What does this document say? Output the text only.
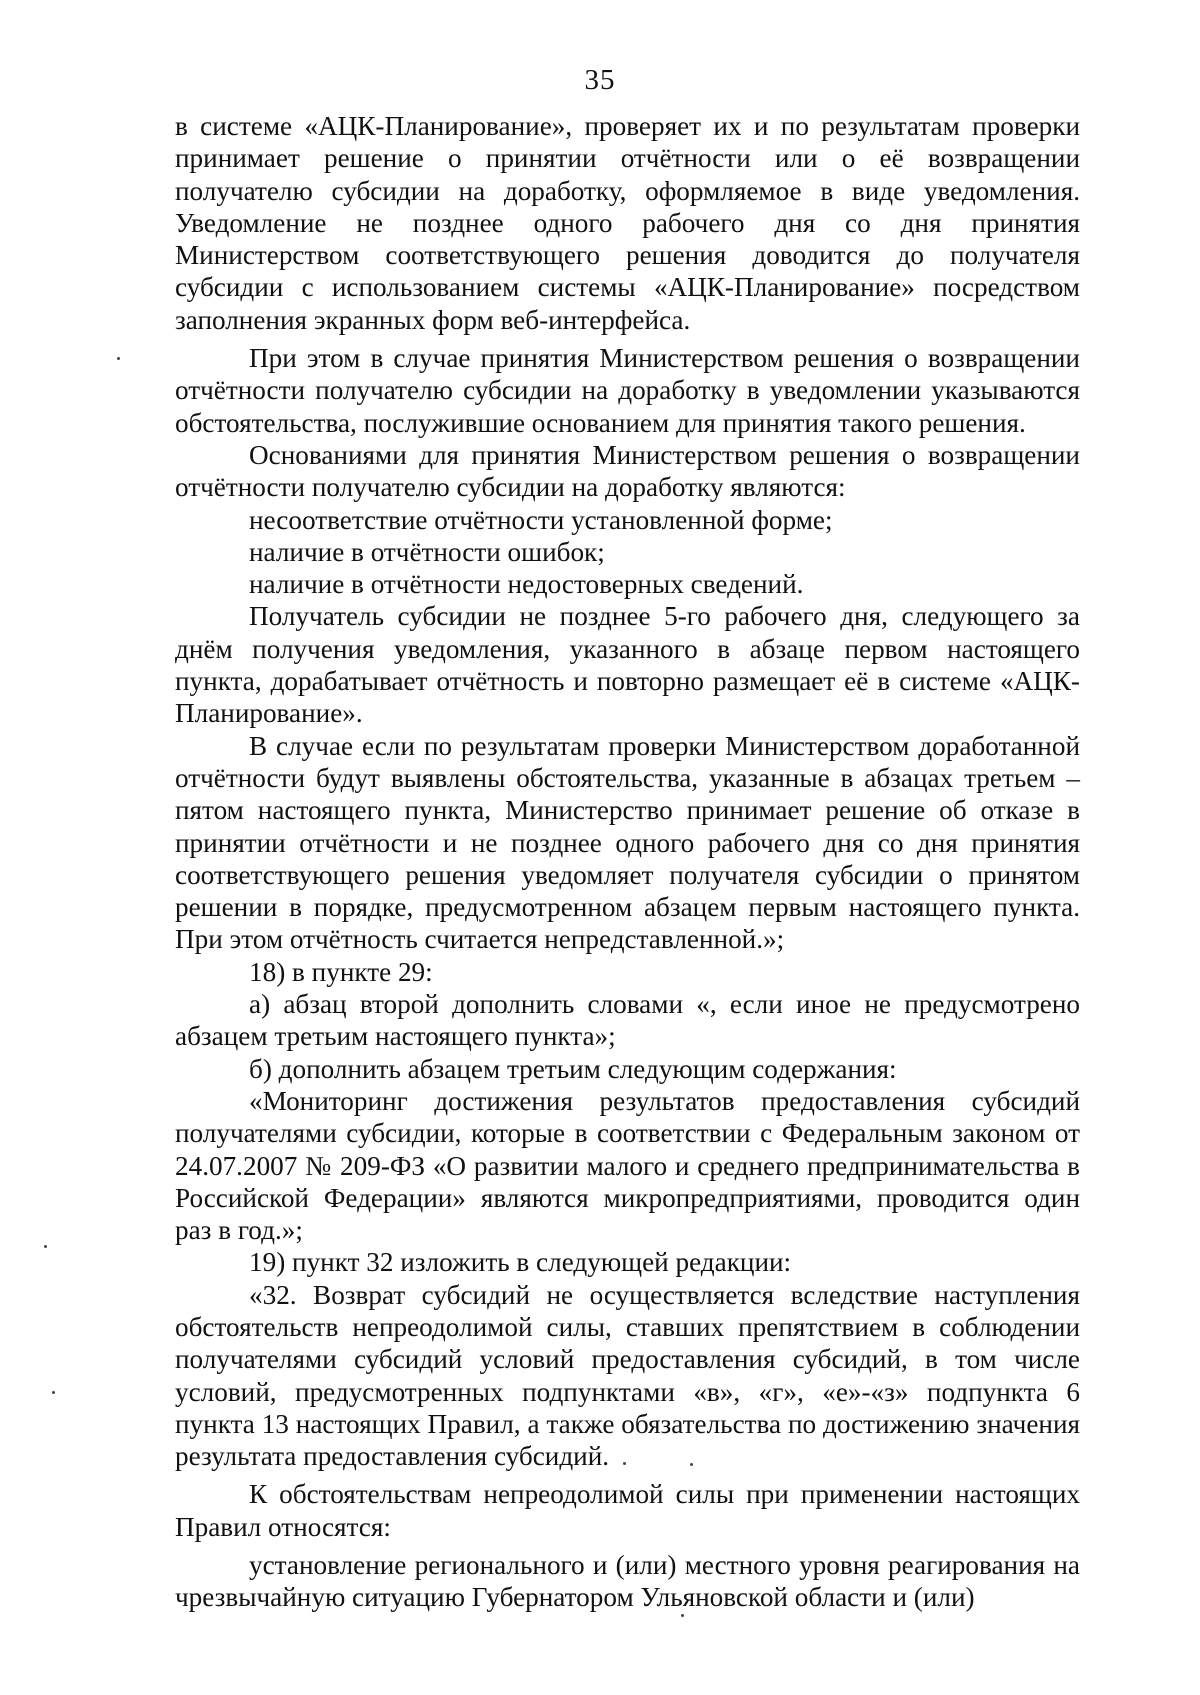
35

в системе «АЦК-Планирование», проверяет их и по результатам проверки принимает решение о принятии отчётности или о её возвращении получателю субсидии на доработку, оформляемое в виде уведомления. Уведомление не позднее одного рабочего дня со дня принятия Министерством соответствующего решения доводится до получателя субсидии с использованием системы «АЦК-Планирование» посредством заполнения экранных форм веб-интерфейса.

При этом в случае принятия Министерством решения о возвращении отчётности получателю субсидии на доработку в уведомлении указываются обстоятельства, послужившие основанием для принятия такого решения.

Основаниями для принятия Министерством решения о возвращении отчётности получателю субсидии на доработку являются:

несоответствие отчётности установленной форме;

наличие в отчётности ошибок;

наличие в отчётности недостоверных сведений.

Получатель субсидии не позднее 5-го рабочего дня, следующего за днём получения уведомления, указанного в абзаце первом настоящего пункта, дорабатывает отчётность и повторно размещает её в системе «АЦК-Планирование».

В случае если по результатам проверки Министерством доработанной отчётности будут выявлены обстоятельства, указанные в абзацах третьем – пятом настоящего пункта, Министерство принимает решение об отказе в принятии отчётности и не позднее одного рабочего дня со дня принятия соответствующего решения уведомляет получателя субсидии о принятом решении в порядке, предусмотренном абзацем первым настоящего пункта. При этом отчётность считается непредставленной.»;

18) в пункте 29:

а) абзац второй дополнить словами «, если иное не предусмотрено абзацем третьим настоящего пункта»;

б) дополнить абзацем третьим следующим содержания:

«Мониторинг достижения результатов предоставления субсидий получателями субсидии, которые в соответствии с Федеральным законом от 24.07.2007 № 209-ФЗ «О развитии малого и среднего предпринимательства в Российской Федерации» являются микропредприятиями, проводится один раз в год.»;

19) пункт 32 изложить в следующей редакции:

«32. Возврат субсидий не осуществляется вследствие наступления обстоятельств непреодолимой силы, ставших препятствием в соблюдении получателями субсидий условий предоставления субсидий, в том числе условий, предусмотренных подпунктами «в», «г», «е»-«з» подпункта 6 пункта 13 настоящих Правил, а также обязательства по достижению значения результата предоставления субсидий.

К обстоятельствам непреодолимой силы при применении настоящих Правил относятся:

установление регионального и (или) местного уровня реагирования на чрезвычайную ситуацию Губернатором Ульяновской области и (или)
